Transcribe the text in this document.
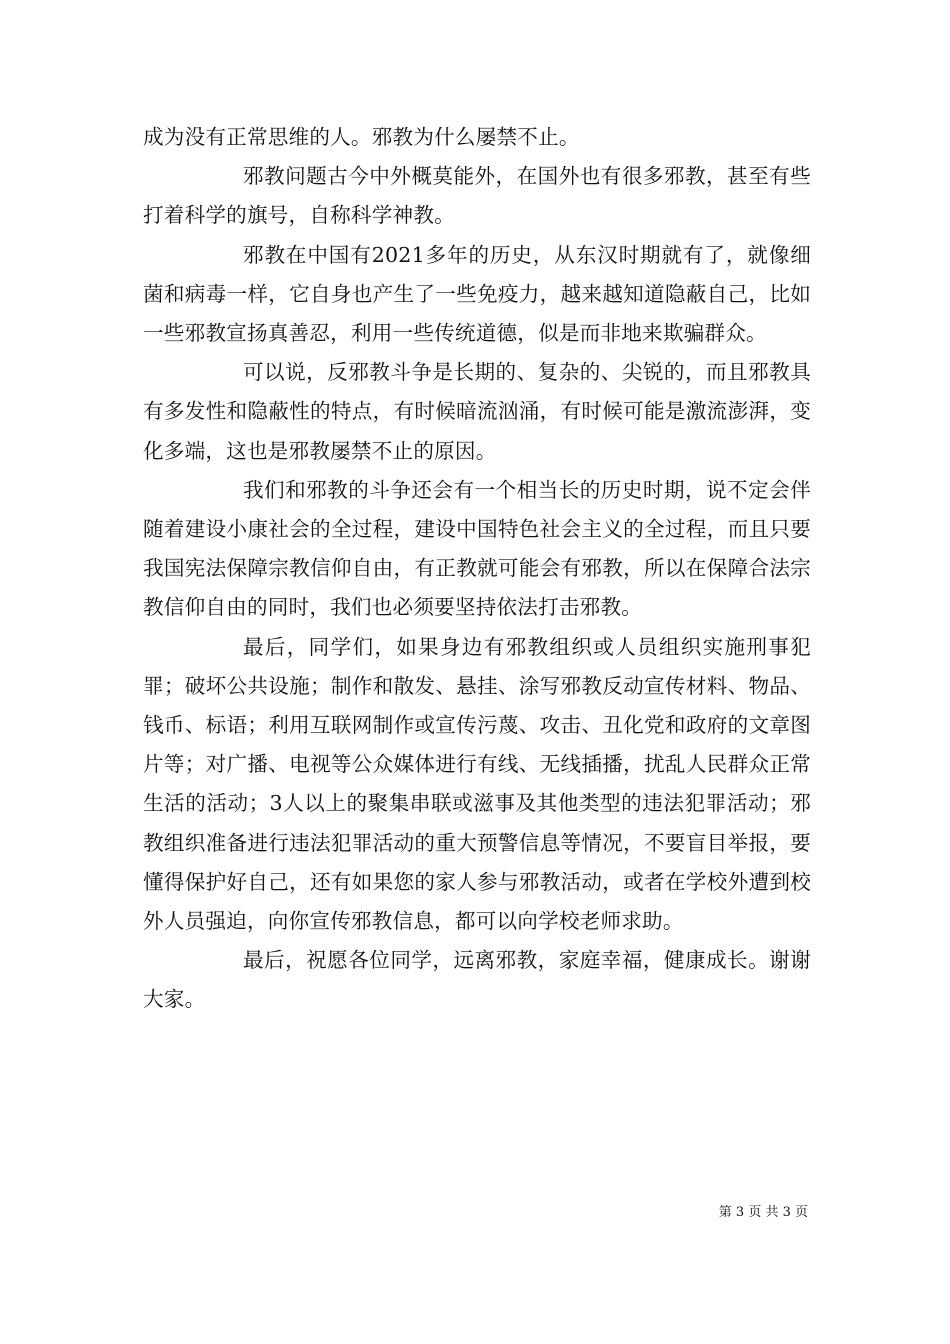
成为没有正常思维的人。邪教为什么屡禁不止。

邪教问题古今中外概莫能外，在国外也有很多邪教，甚至有些打着科学的旗号，自称科学神教。

邪教在中国有2021多年的历史，从东汉时期就有了，就像细菌和病毒一样，它自身也产生了一些免疫力，越来越知道隐蔽自己，比如一些邪教宣扬真善忍，利用一些传统道德，似是而非地来欺骗群众。

可以说，反邪教斗争是长期的、复杂的、尖锐的，而且邪教具有多发性和隐蔽性的特点，有时候暗流汹涌，有时候可能是激流澎湃，变化多端，这也是邪教屡禁不止的原因。

我们和邪教的斗争还会有一个相当长的历史时期，说不定会伴随着建设小康社会的全过程，建设中国特色社会主义的全过程，而且只要我国宪法保障宗教信仰自由，有正教就可能会有邪教，所以在保障合法宗教信仰自由的同时，我们也必须要坚持依法打击邪教。

最后，同学们，如果身边有邪教组织或人员组织实施刑事犯罪；破坏公共设施；制作和散发、悬挂、涂写邪教反动宣传材料、物品、钱币、标语；利用互联网制作或宣传污蔑、攻击、丑化党和政府的文章图片等；对广播、电视等公众媒体进行有线、无线插播，扰乱人民群众正常生活的活动；3人以上的聚集串联或滋事及其他类型的违法犯罪活动；邪教组织准备进行违法犯罪活动的重大预警信息等情况，不要盲目举报，要懂得保护好自己，还有如果您的家人参与邪教活动，或者在学校外遭到校外人员强迫，向你宣传邪教信息，都可以向学校老师求助。

最后，祝愿各位同学，远离邪教，家庭幸福，健康成长。谢谢大家。

第 3 页 共 3 页
